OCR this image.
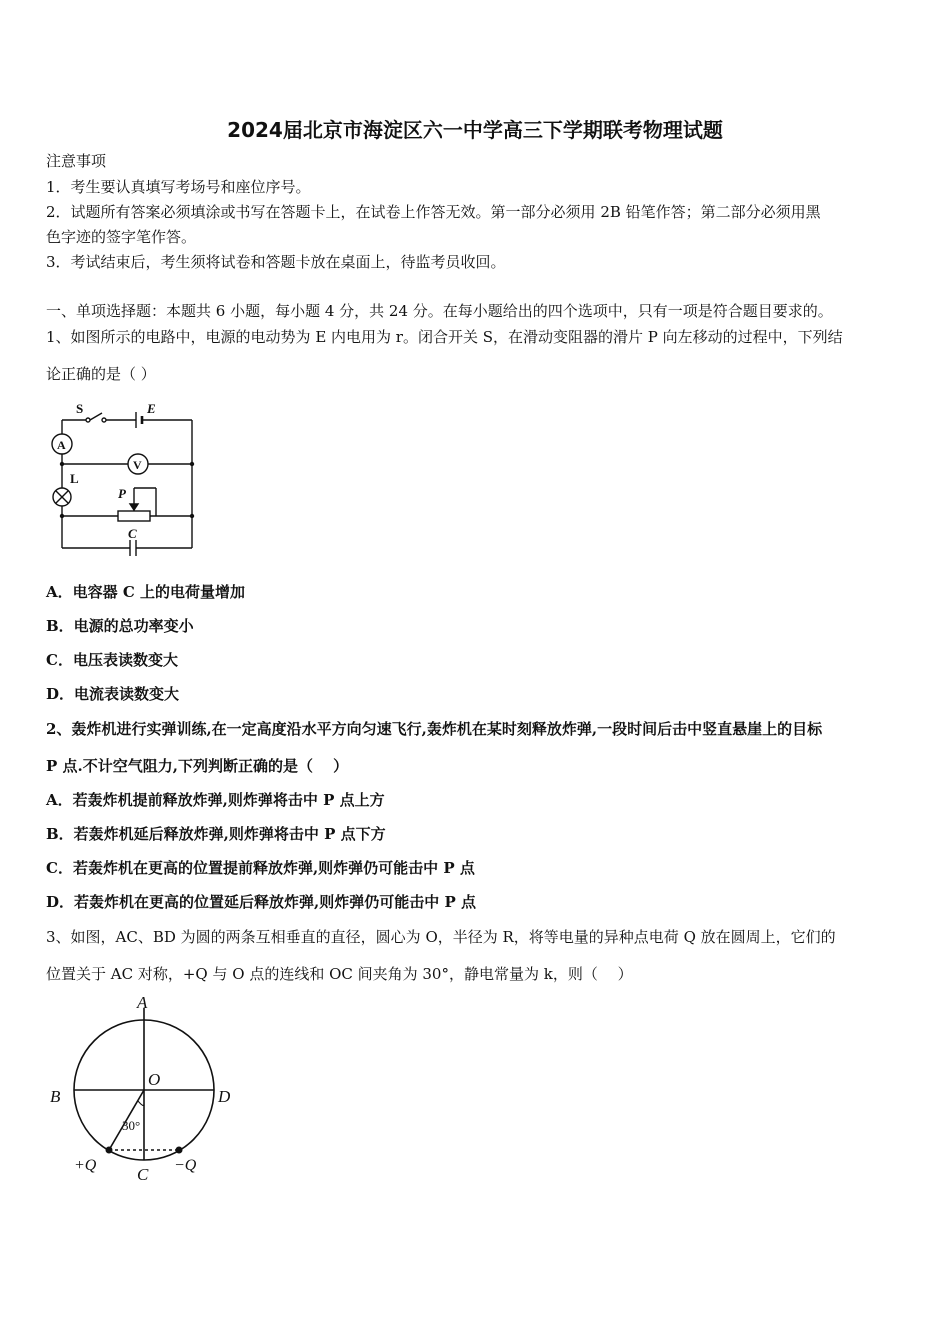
2024届北京市海淀区六一中学高三下学期联考物理试题
注意事项
1．考生要认真填写考场号和座位序号。
2．试题所有答案必须填涂或书写在答题卡上，在试卷上作答无效。第一部分必须用 2B 铅笔作答；第二部分必须用黑
色字迹的签字笔作答。
3．考试结束后，考生须将试卷和答题卡放在桌面上，待监考员收回。
一、单项选择题：本题共 6 小题，每小题 4 分，共 24 分。在每小题给出的四个选项中，只有一项是符合题目要求的。
1、如图所示的电路中，电源的电动势为 E 内电用为 r。闭合开关 S，在滑动变阻器的滑片 P 向左移动的过程中，下列结
论正确的是（ ）
S	E
A
V
L
P
C
A．电容器 C 上的电荷量增加
B．电源的总功率变小
C．电压表读数变大
D．电流表读数变大
2、轰炸机进行实弹训练,在一定高度沿水平方向匀速飞行,轰炸机在某时刻释放炸弹,一段时间后击中竖直悬崖上的目标
P 点.不计空气阻力,下列判断正确的是（　 ）
A．若轰炸机提前释放炸弹,则炸弹将击中 P 点上方
B．若轰炸机延后释放炸弹,则炸弹将击中 P 点下方
C．若轰炸机在更高的位置提前释放炸弹,则炸弹仍可能击中 P 点
D．若轰炸机在更高的位置延后释放炸弹,则炸弹仍可能击中 P 点
3、如图，AC、BD 为圆的两条互相垂直的直径，圆心为 O，半径为 R，将等电量的异种点电荷 Q 放在圆周上，它们的
位置关于 AC 对称，+Q 与 O 点的连线和 OC 间夹角为 30°，静电常量为 k，则（　 ）
A
B	D
O
C
+Q	−Q
30°
